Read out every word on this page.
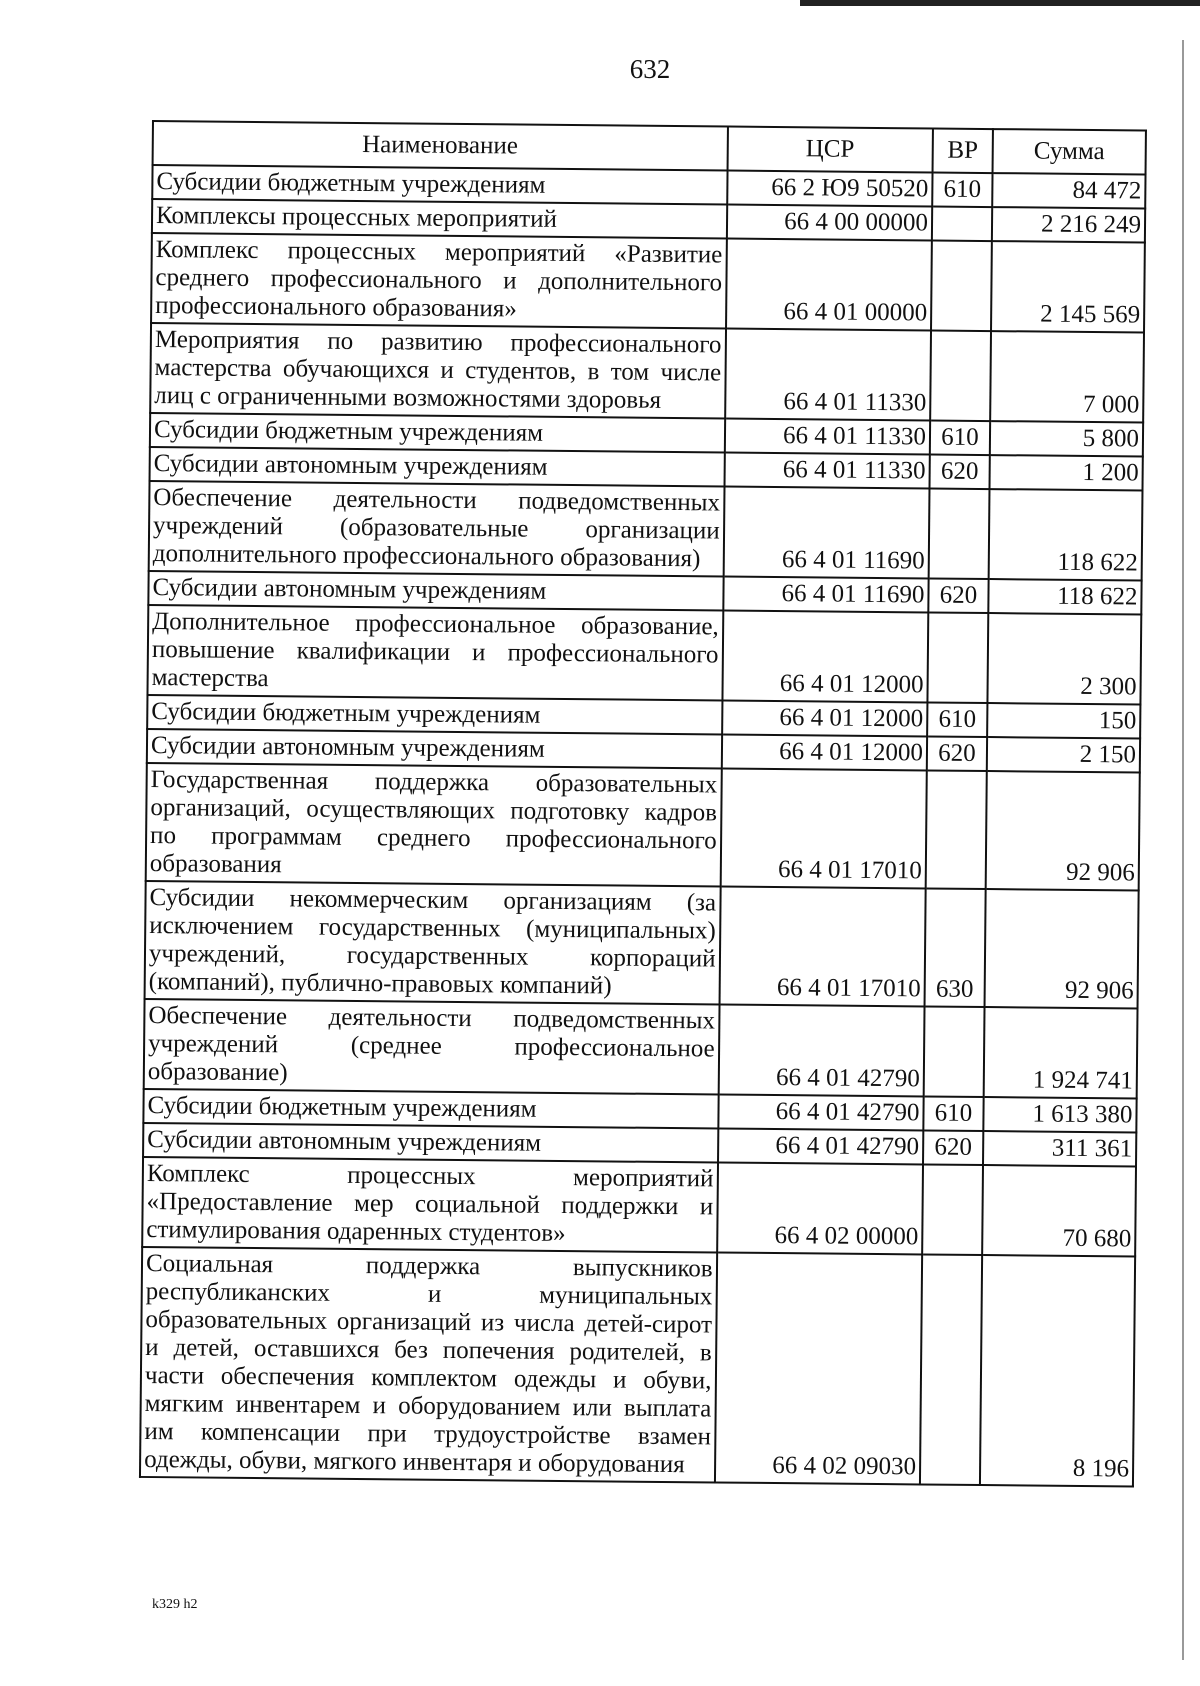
632
Наименование	ЦСР	ВР	Сумма
Субсидии бюджетным учреждениям	66 2 Ю9 50520	610	84 472
Комплексы процессных мероприятий	66 4 00 00000		2 216 249
Комплекс процессных мероприятий «Развитие среднего профессионального и дополнительного профессионального образования»	66 4 01 00000		2 145 569
Мероприятия по развитию профессионального мастерства обучающихся и студентов, в том числе лиц с ограниченными возможностями здоровья	66 4 01 11330		7 000
Субсидии бюджетным учреждениям	66 4 01 11330	610	5 800
Субсидии автономным учреждениям	66 4 01 11330	620	1 200
Обеспечение деятельности подведомственных учреждений (образовательные организации дополнительного профессионального образования)	66 4 01 11690		118 622
Субсидии автономным учреждениям	66 4 01 11690	620	118 622
Дополнительное профессиональное образование, повышение квалификации и профессионального мастерства	66 4 01 12000		2 300
Субсидии бюджетным учреждениям	66 4 01 12000	610	150
Субсидии автономным учреждениям	66 4 01 12000	620	2 150
Государственная поддержка образовательных организаций, осуществляющих подготовку кадров по программам среднего профессионального образования	66 4 01 17010		92 906
Субсидии некоммерческим организациям (за исключением государственных (муниципальных) учреждений, государственных корпораций (компаний), публично-правовых компаний)	66 4 01 17010	630	92 906
Обеспечение деятельности подведомственных учреждений (среднее профессиональное образование)	66 4 01 42790		1 924 741
Субсидии бюджетным учреждениям	66 4 01 42790	610	1 613 380
Субсидии автономным учреждениям	66 4 01 42790	620	311 361
Комплекс процессных мероприятий «Предоставление мер социальной поддержки и стимулирования одаренных студентов»	66 4 02 00000		70 680
Социальная поддержка выпускников республиканских и муниципальных образовательных организаций из числа детей-сирот и детей, оставшихся без попечения родителей, в части обеспечения комплектом одежды и обуви, мягким инвентарем и оборудованием или выплата им компенсации при трудоустройстве взамен одежды, обуви, мягкого инвентаря и оборудования	66 4 02 09030		8 196
k329 h2
